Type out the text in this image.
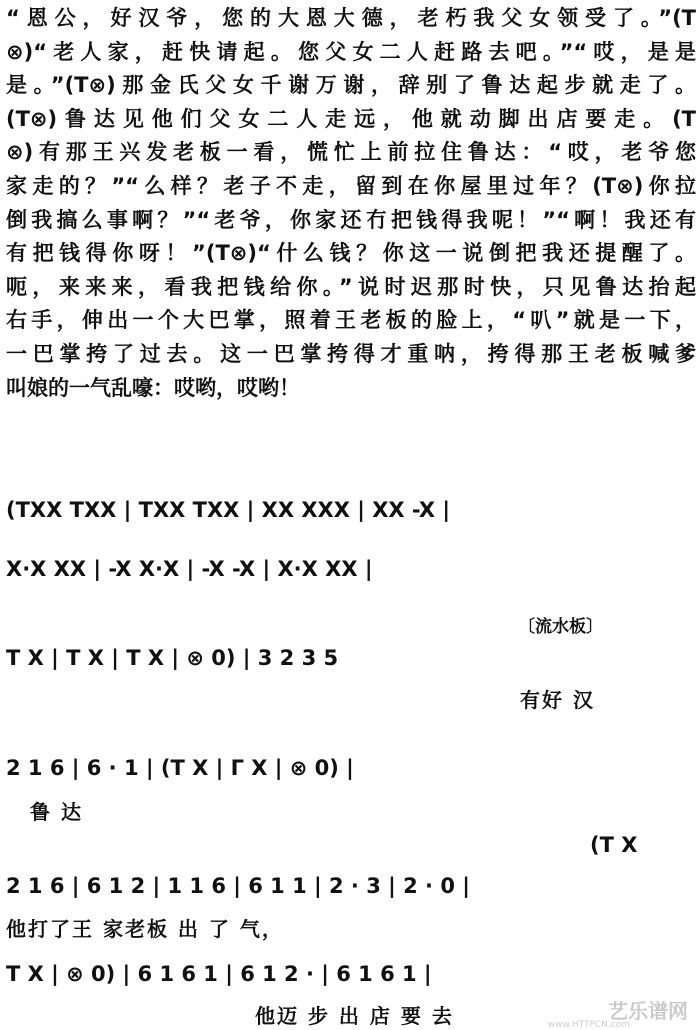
“恩公，好汉爷，您的大恩大德，老朽我父女领受了。”(T
⊗)“老人家，赶快请起。您父女二人赶路去吧。”“哎，是是
是。”(T⊗)那金氏父女千谢万谢，辞别了鲁达起步就走了。
(T⊗)鲁达见他们父女二人走远，他就动脚出店要走。(T
⊗)有那王兴发老板一看，慌忙上前拉住鲁达：“哎，老爷您
家走的？”“么样？老子不走，留到在你屋里过年？(T⊗)你拉
倒我搞么事啊？”“老爷，你家还冇把钱得我呢！”“啊！我还有
有把钱得你呀！”(T⊗)“什么钱？你这一说倒把我还提醒了。
呃，来来来，看我把钱给你。”说时迟那时快，只见鲁达抬起
右手，伸出一个大巴掌，照着王老板的脸上，“叭”就是一下，
一巴掌挎了过去。这一巴掌挎得才重呐，挎得那王老板喊爹
叫娘的一气乱嚎：哎哟，哎哟！
(TXX TXX | TXX TXX | XX XXX | XX -X |
X·X XX | -X X·X | -X -X | X·X XX |
〔流水板〕
T X | T X | T X | ⊗ 0) | 3 2 3 5
有好 汉
2 1 6 | 6 · 1 | (T X | Γ X | ⊗ 0) |
鲁 达
(T X
2 1 6 | 6 1 2 | 1 1 6 | 6 1 1 | 2 · 3 | 2 · 0 |
他打了王 家老板 出 了 气，
T X | ⊗ 0) | 6 1 6 1 | 6 1 2 · | 6 1 6 1 |
他迈 步 出 店 要 去	艺乐谱网
www.HTTPCN.com
